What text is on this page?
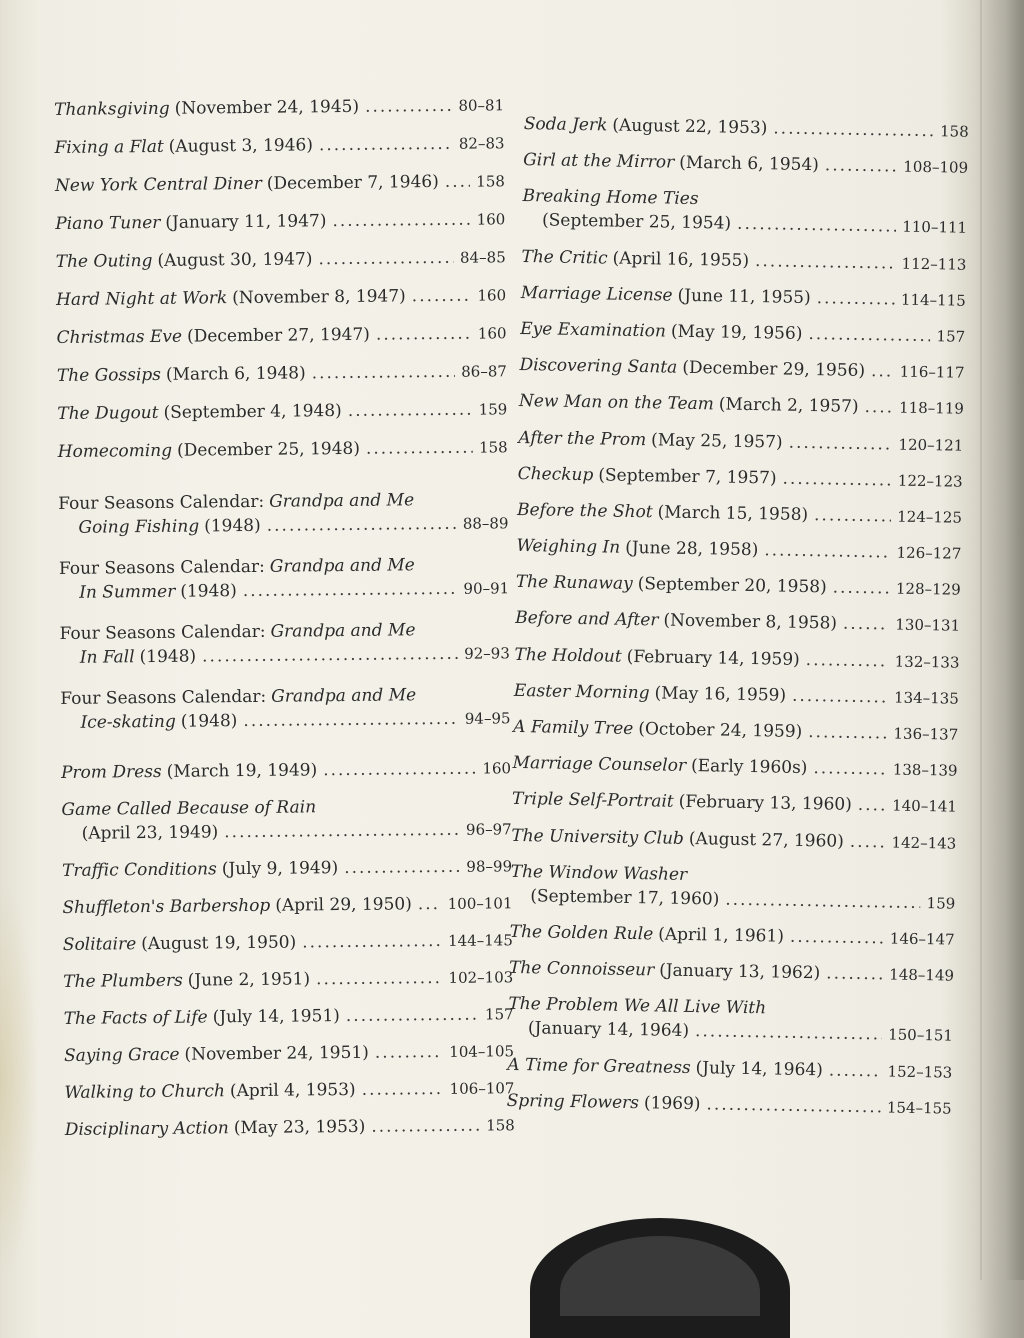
Thanksgiving (November 24, 1945) .....	80–81
Fixing a Flat (August 3, 1946) .....	82–83
New York Central Diner (December 7, 1946) ..... 158
Piano Tuner (January 11, 1947) .....	160
The Outing (August 30, 1947) .....	84–85
Hard Night at Work (November 8, 1947) .....	160
Christmas Eve (December 27, 1947) .....	160
The Gossips (March 6, 1948) .....	86–87
The Dugout (September 4, 1948) .....	159
Homecoming (December 25, 1948) .....	158
Four Seasons Calendar: Grandpa and Me
Going Fishing (1948) .....	88–89
Four Seasons Calendar: Grandpa and Me
In Summer (1948) .....	90–91
Four Seasons Calendar: Grandpa and Me
In Fall (1948) .....	92–93
Four Seasons Calendar: Grandpa and Me
Ice-skating (1948) .....	94–95
Prom Dress (March 19, 1949) .....	160
Game Called Because of Rain
(April 23, 1949) .....	96–97
Traffic Conditions (July 9, 1949) .....	98–99
Shuffleton's Barbershop (April 29, 1950) ..... 100–101
Solitaire (August 19, 1950) .....	144–145
The Plumbers (June 2, 1951) .....	102–103
The Facts of Life (July 14, 1951) .....	157
Saying Grace (November 24, 1951) .....	104–105
Walking to Church (April 4, 1953) .....	106–107
Disciplinary Action (May 23, 1953) .....	158
Soda Jerk (August 22, 1953) .....	158
Girl at the Mirror (March 6, 1954) .....	108–109
Breaking Home Ties
(September 25, 1954) .....	110–111
The Critic (April 16, 1955) .....	112–113
Marriage License (June 11, 1955) .....	114–115
Eye Examination (May 19, 1956) .....	157
Discovering Santa (December 29, 1956) ..... 116–117
New Man on the Team (March 2, 1957) .....	118–119
After the Prom (May 25, 1957) .....	120–121
Checkup (September 7, 1957) .....	122–123
Before the Shot (March 15, 1958) .....	124–125
Weighing In (June 28, 1958) .....	126–127
The Runaway (September 20, 1958) .....	128–129
Before and After (November 8, 1958) .....	130–131
The Holdout (February 14, 1959) .....	132–133
Easter Morning (May 16, 1959) .....	134–135
A Family Tree (October 24, 1959) .....	136–137
Marriage Counselor (Early 1960s) .....	138–139
Triple Self-Portrait (February 13, 1960) .....	140–141
The University Club (August 27, 1960) .....	142–143
The Window Washer
(September 17, 1960) .....	159
The Golden Rule (April 1, 1961) .....	146–147
The Connoisseur (January 13, 1962) .....	148–149
The Problem We All Live With
(January 14, 1964) .....	150–151
A Time for Greatness (July 14, 1964) .....	152–153
Spring Flowers (1969) .....	154–155
